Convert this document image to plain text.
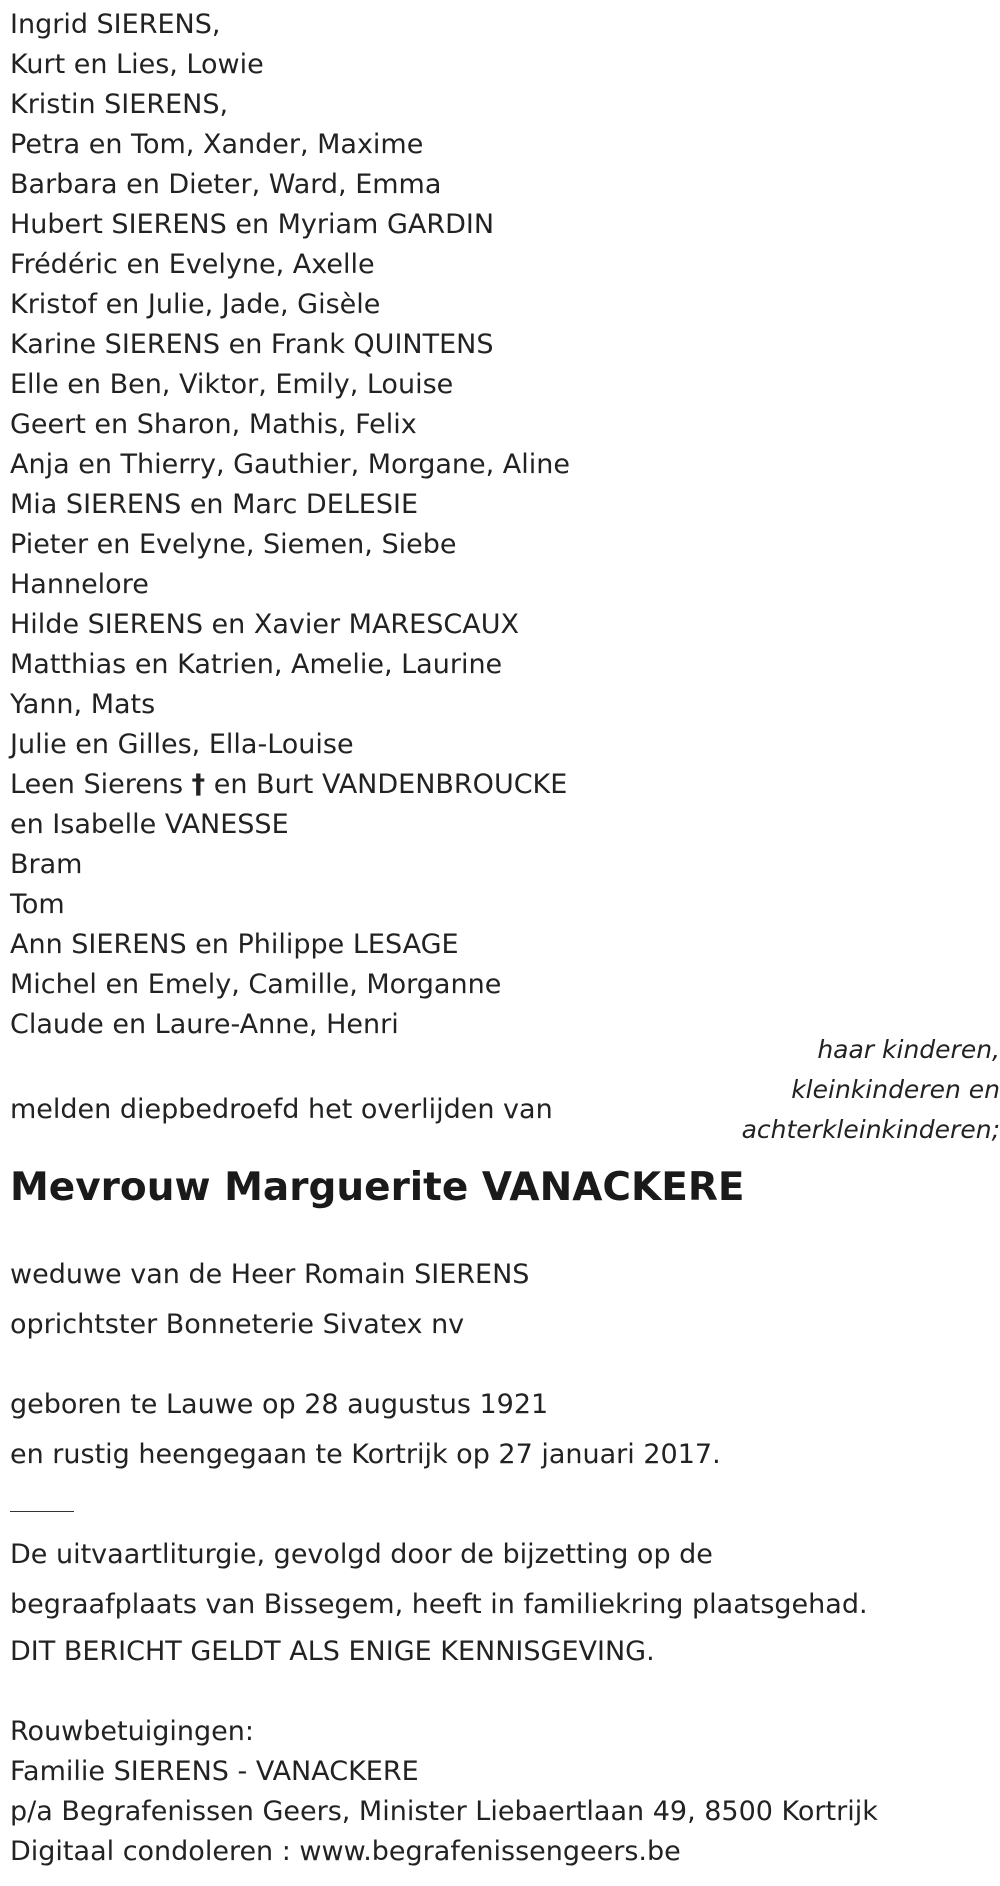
Ingrid SIERENS,
Kurt en Lies, Lowie
Kristin SIERENS,
Petra en Tom, Xander, Maxime
Barbara en Dieter, Ward, Emma
Hubert SIERENS en Myriam GARDIN
Frédéric en Evelyne, Axelle
Kristof en Julie, Jade, Gisèle
Karine SIERENS en Frank QUINTENS
Elle en Ben, Viktor, Emily, Louise
Geert en Sharon, Mathis, Felix
Anja en Thierry, Gauthier, Morgane, Aline
Mia SIERENS en Marc DELESIE
Pieter en Evelyne, Siemen, Siebe
Hannelore
Hilde SIERENS en Xavier MARESCAUX
Matthias en Katrien, Amelie, Laurine
Yann, Mats
Julie en Gilles, Ella-Louise
Leen Sierens † en Burt VANDENBROUCKE
en Isabelle VANESSE
Bram
Tom
Ann SIERENS en Philippe LESAGE
Michel en Emely, Camille, Morganne
Claude en Laure-Anne, Henri
haar kinderen,
kleinkinderen en
achterkleinkinderen;
melden diepbedroefd het overlijden van
Mevrouw Marguerite VANACKERE
weduwe van de Heer Romain SIERENS
oprichtster Bonneterie Sivatex nv
geboren te Lauwe op 28 augustus 1921
en rustig heengegaan te Kortrijk op 27 januari 2017.
De uitvaartliturgie, gevolgd door de bijzetting op de
begraafplaats van Bissegem, heeft in familiekring plaatsgehad.
DIT BERICHT GELDT ALS ENIGE KENNISGEVING.
Rouwbetuigingen:
Familie SIERENS - VANACKERE
p/a Begrafenissen Geers, Minister Liebaertlaan 49, 8500 Kortrijk
Digitaal condoleren : www.begrafenissengeers.be
